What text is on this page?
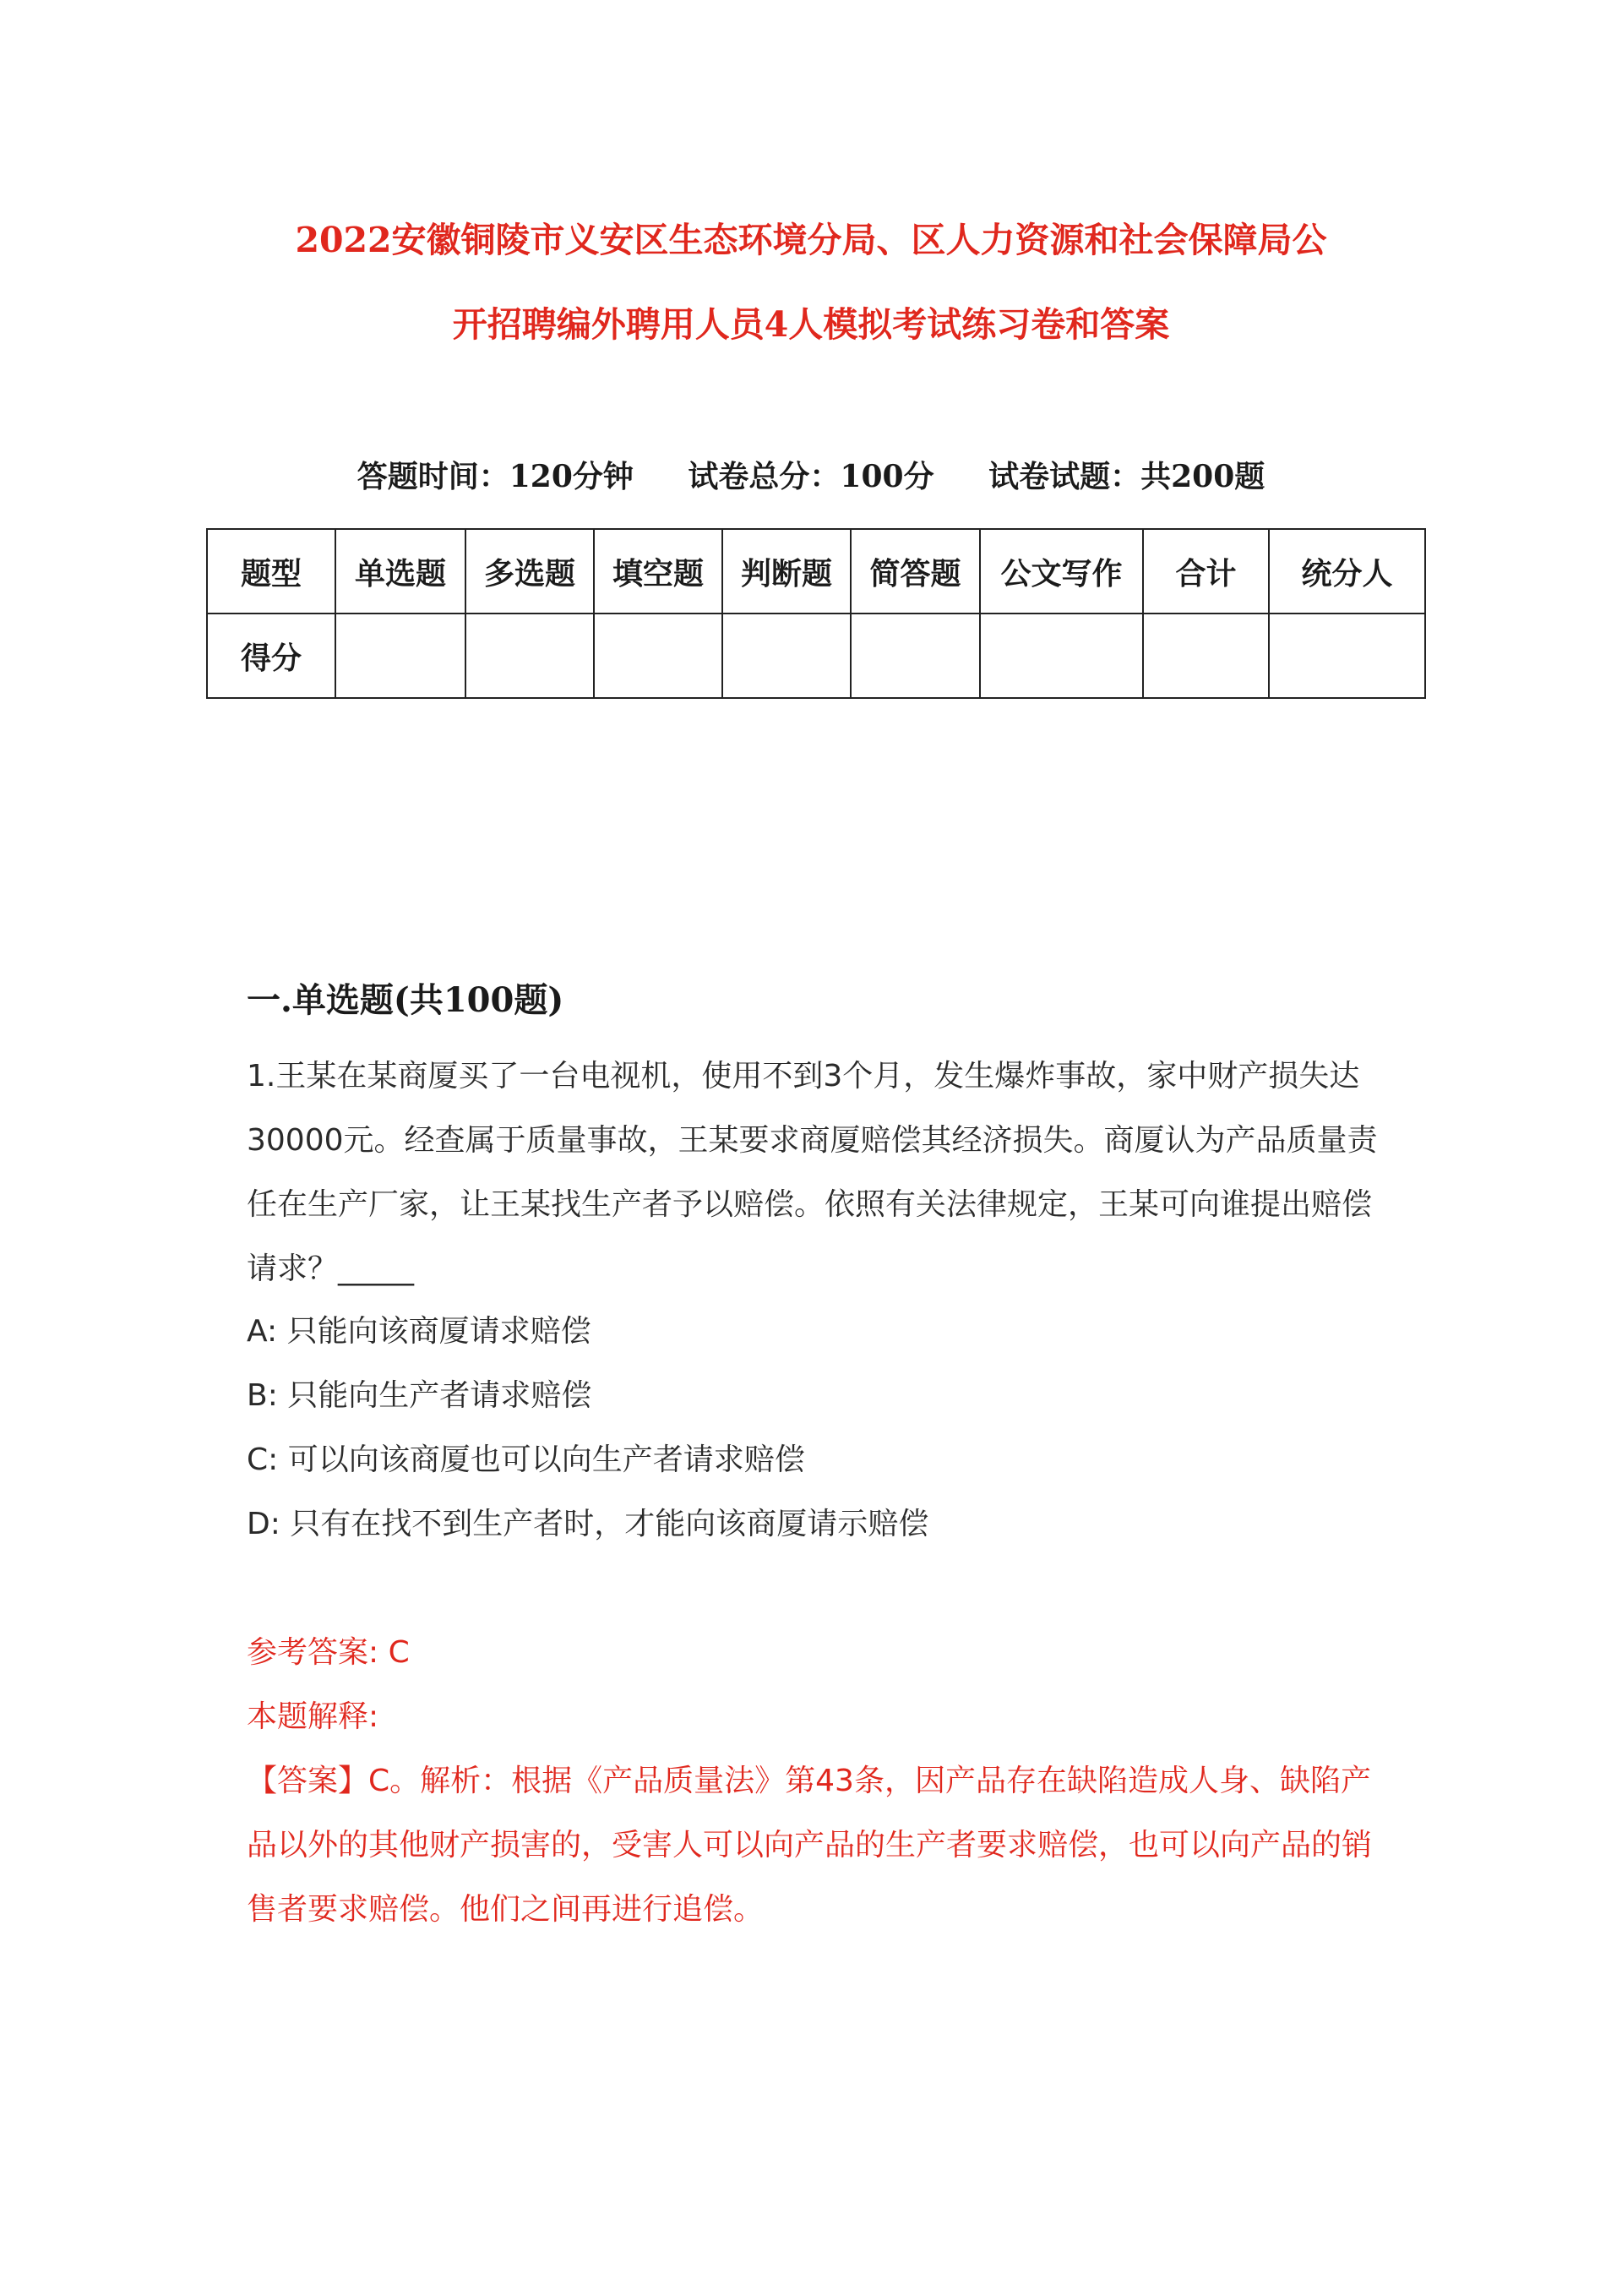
2022安徽铜陵市义安区生态环境分局、区人力资源和社会保障局公
开招聘编外聘用人员4人模拟考试练习卷和答案
答题时间：120分钟 试卷总分：100分 试卷试题：共200题
题型	单选题	多选题	填空题	判断题	简答题	公文写作	合计	统分人
得分								
一.单选题(共100题)
1.王某在某商厦买了一台电视机，使用不到3个月，发生爆炸事故，家中财产损失达30000元。经查属于质量事故，王某要求商厦赔偿其经济损失。商厦认为产品质量责任在生产厂家，让王某找生产者予以赔偿。依照有关法律规定，王某可向谁提出赔偿请求？_____
A: 只能向该商厦请求赔偿
B: 只能向生产者请求赔偿
C: 可以向该商厦也可以向生产者请求赔偿
D: 只有在找不到生产者时，才能向该商厦请示赔偿
参考答案: C
本题解释:
【答案】C。解析：根据《产品质量法》第43条，因产品存在缺陷造成人身、缺陷产品以外的其他财产损害的，受害人可以向产品的生产者要求赔偿，也可以向产品的销售者要求赔偿。他们之间再进行追偿。
